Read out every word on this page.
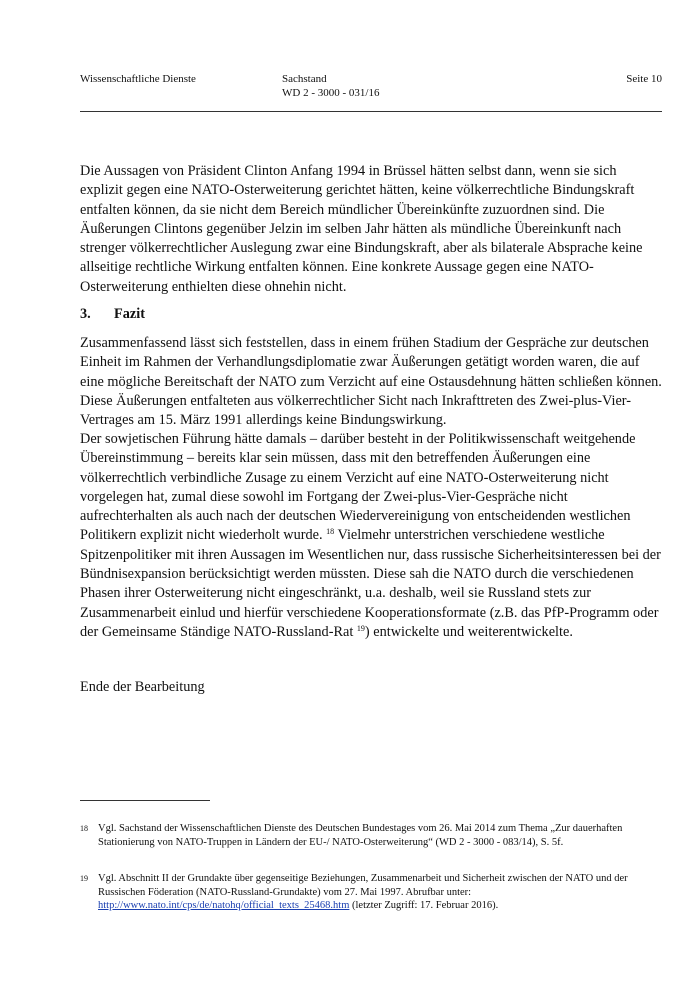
Wissenschaftliche Dienste	Sachstand
WD 2 - 3000 - 031/16
Seite 10

Die Aussagen von Präsident Clinton Anfang 1994 in Brüssel hätten selbst dann, wenn sie sich explizit gegen eine NATO-Osterweiterung gerichtet hätten, keine völkerrechtliche Bindungskraft entfalten können, da sie nicht dem Bereich mündlicher Übereinkünfte zuzuordnen sind. Die Äußerungen Clintons gegenüber Jelzin im selben Jahr hätten als mündliche Übereinkunft nach strenger völkerrechtlicher Auslegung zwar eine Bindungskraft, aber als bilaterale Absprache keine allseitige rechtliche Wirkung entfalten können. Eine konkrete Aussage gegen eine NATO-Osterweiterung enthielten diese ohnehin nicht.

3. Fazit

Zusammenfassend lässt sich feststellen, dass in einem frühen Stadium der Gespräche zur deutschen Einheit im Rahmen der Verhandlungsdiplomatie zwar Äußerungen getätigt worden waren, die auf eine mögliche Bereitschaft der NATO zum Verzicht auf eine Ostausdehnung hätten schließen können. Diese Äußerungen entfalteten aus völkerrechtlicher Sicht nach Inkrafttreten des Zwei-plus-Vier-Vertrages am 15. März 1991 allerdings keine Bindungswirkung.

Der sowjetischen Führung hätte damals – darüber besteht in der Politikwissenschaft weitgehende Übereinstimmung – bereits klar sein müssen, dass mit den betreffenden Äußerungen eine völkerrechtlich verbindliche Zusage zu einem Verzicht auf eine NATO-Osterweiterung nicht vorgelegen hat, zumal diese sowohl im Fortgang der Zwei-plus-Vier-Gespräche nicht aufrechterhalten als auch nach der deutschen Wiedervereinigung von entscheidenden westlichen Politikern explizit nicht wiederholt wurde. $^{18}$ Vielmehr unterstrichen verschiedene westliche Spitzenpolitiker mit ihren Aussagen im Wesentlichen nur, dass russische Sicherheitsinteressen bei der Bündnisexpansion berücksichtigt werden müssten. Diese sah die NATO durch die verschiedenen Phasen ihrer Osterweiterung nicht eingeschränkt, u.a. deshalb, weil sie Russland stets zur Zusammenarbeit einlud und hierfür verschiedene Kooperationsformate (z.B. das PfP-Programm oder der Gemeinsame Ständige NATO-Russland-Rat $^{19}$) entwickelte und weiterentwickelte.

Ende der Bearbeitung

18 Vgl. Sachstand der Wissenschaftlichen Dienste des Deutschen Bundestages vom 26. Mai 2014 zum Thema „Zur dauerhaften Stationierung von NATO-Truppen in Ländern der EU-/ NATO-Osterweiterung“ (WD 2 - 3000 - 083/14), S. 5f.
19 Vgl. Abschnitt II der Grundakte über gegenseitige Beziehungen, Zusammenarbeit und Sicherheit zwischen der NATO und der Russischen Föderation (NATO-Russland-Grundakte) vom 27. Mai 1997. Abrufbar unter: http://www.nato.int/cps/de/natohq/official_texts_25468.htm (letzter Zugriff: 17. Februar 2016).
